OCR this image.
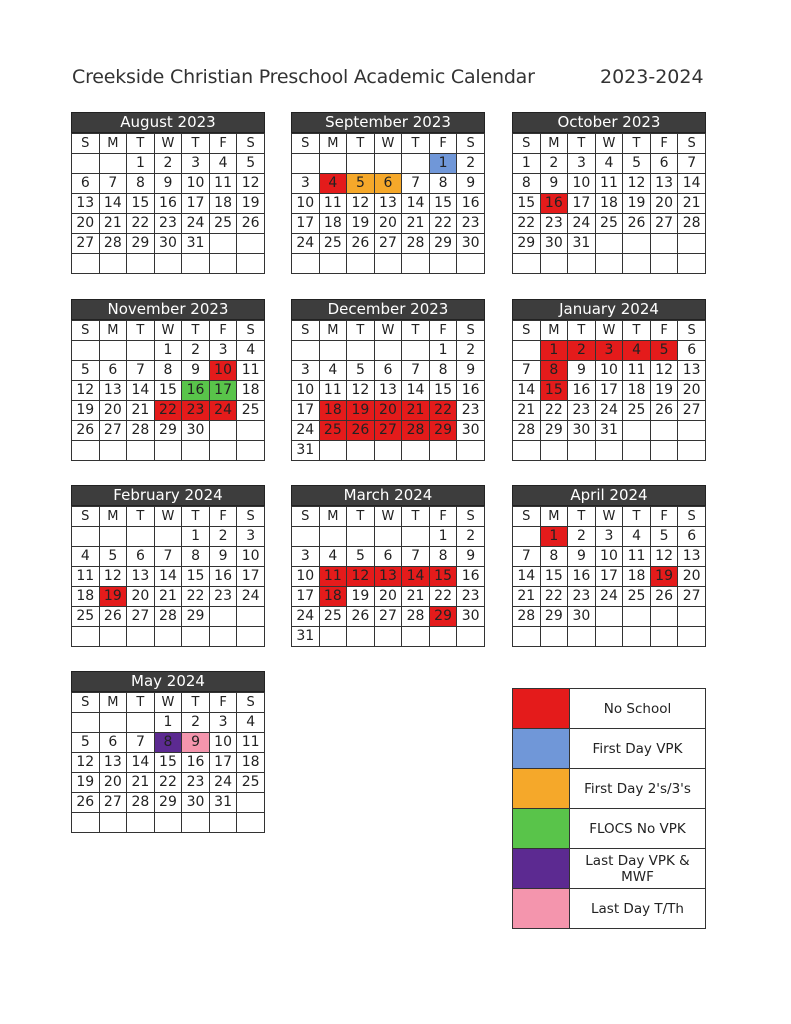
Creekside Christian Preschool Academic Calendar	2023-2024
August 2023
S	M	T	W	T	F	S
		1	2	3	4	5
6	7	8	9	10	11	12
13	14	15	16	17	18	19
20	21	22	23	24	25	26
27	28	29	30	31		

September 2023
S	M	T	W	T	F	S
					1	2
3	4	5	6	7	8	9
10	11	12	13	14	15	16
17	18	19	20	21	22	23
24	25	26	27	28	29	30

October 2023
S	M	T	W	T	F	S
1	2	3	4	5	6	7
8	9	10	11	12	13	14
15	16	17	18	19	20	21
22	23	24	25	26	27	28
29	30	31				

November 2023
S	M	T	W	T	F	S
			1	2	3	4
5	6	7	8	9	10	11
12	13	14	15	16	17	18
19	20	21	22	23	24	25
26	27	28	29	30		

December 2023
S	M	T	W	T	F	S
					1	2
3	4	5	6	7	8	9
10	11	12	13	14	15	16
17	18	19	20	21	22	23
24	25	26	27	28	29	30
31						
January 2024
S	M	T	W	T	F	S
	1	2	3	4	5	6
7	8	9	10	11	12	13
14	15	16	17	18	19	20
21	22	23	24	25	26	27
28	29	30	31			

February 2024
S	M	T	W	T	F	S
				1	2	3
4	5	6	7	8	9	10
11	12	13	14	15	16	17
18	19	20	21	22	23	24
25	26	27	28	29		

March 2024
S	M	T	W	T	F	S
					1	2
3	4	5	6	7	8	9
10	11	12	13	14	15	16
17	18	19	20	21	22	23
24	25	26	27	28	29	30
31						
April 2024
S	M	T	W	T	F	S
	1	2	3	4	5	6
7	8	9	10	11	12	13
14	15	16	17	18	19	20
21	22	23	24	25	26	27
28	29	30				

May 2024
S	M	T	W	T	F	S
			1	2	3	4
5	6	7	8	9	10	11
12	13	14	15	16	17	18
19	20	21	22	23	24	25
26	27	28	29	30	31	

	No School
	First Day VPK
	First Day 2's/3's
	FLOCS No VPK
	Last Day VPK & MWF
	Last Day T/Th
